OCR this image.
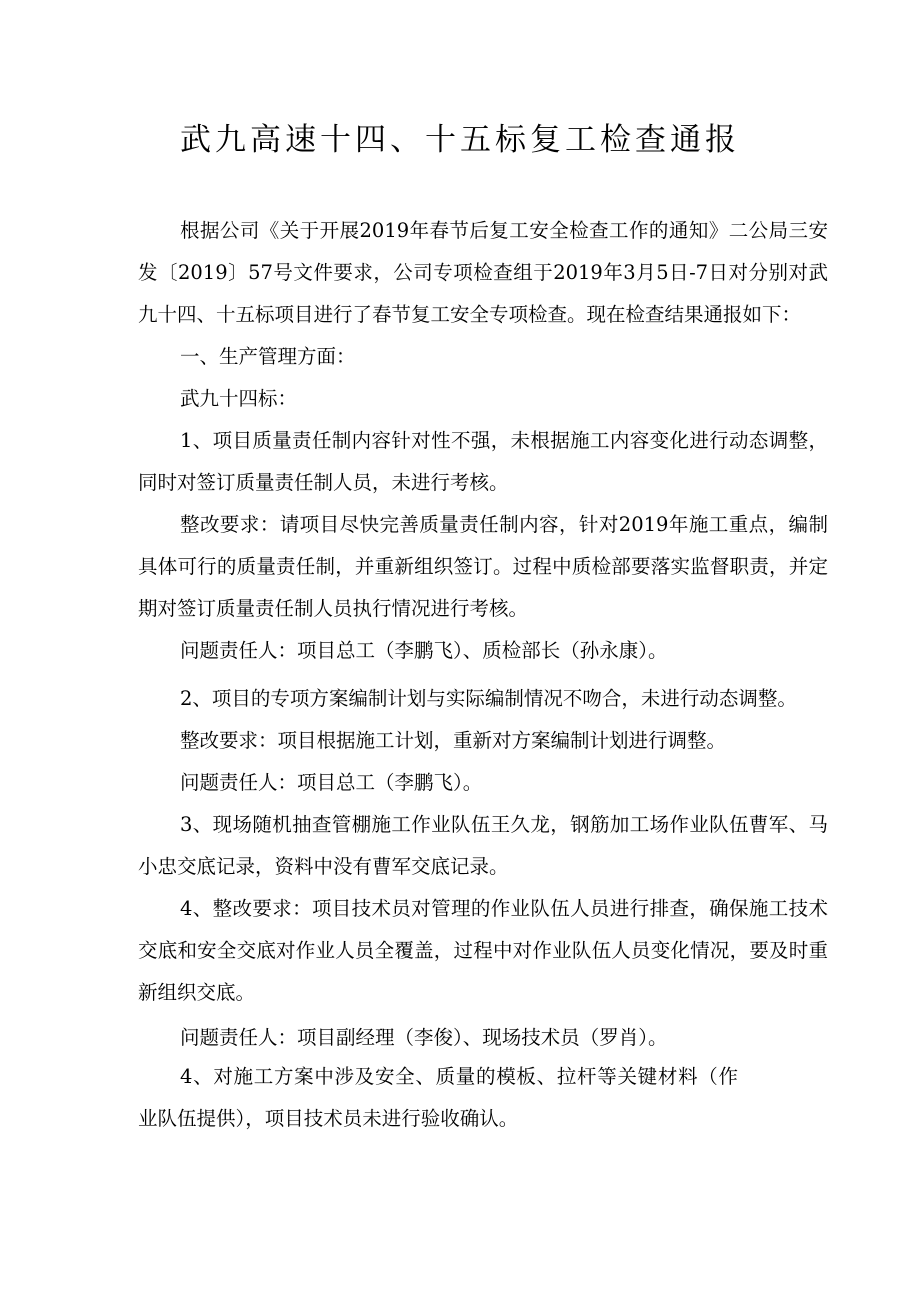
武九高速十四、十五标复工检查通报

根据公司《关于开展2019年春节后复工安全检查工作的通知》二公局三安发〔2019〕57号文件要求，公司专项检查组于2019年3月5日-7日对分别对武九十四、十五标项目进行了春节复工安全专项检查。现在检查结果通报如下：

一、生产管理方面：

武九十四标：

1、项目质量责任制内容针对性不强，未根据施工内容变化进行动态调整，同时对签订质量责任制人员，未进行考核。

整改要求：请项目尽快完善质量责任制内容，针对2019年施工重点，编制具体可行的质量责任制，并重新组织签订。过程中质检部要落实监督职责，并定期对签订质量责任制人员执行情况进行考核。

问题责任人：项目总工（李鹏飞）、质检部长（孙永康）。

2、项目的专项方案编制计划与实际编制情况不吻合，未进行动态调整。

整改要求：项目根据施工计划，重新对方案编制计划进行调整。

问题责任人：项目总工（李鹏飞）。

3、现场随机抽查管棚施工作业队伍王久龙，钢筋加工场作业队伍曹军、马小忠交底记录，资料中没有曹军交底记录。

4、整改要求：项目技术员对管理的作业队伍人员进行排查，确保施工技术交底和安全交底对作业人员全覆盖，过程中对作业队伍人员变化情况，要及时重新组织交底。

问题责任人：项目副经理（李俊）、现场技术员（罗肖）。

4、对施工方案中涉及安全、质量的模板、拉杆等关键材料（作业队伍提供），项目技术员未进行验收确认。
